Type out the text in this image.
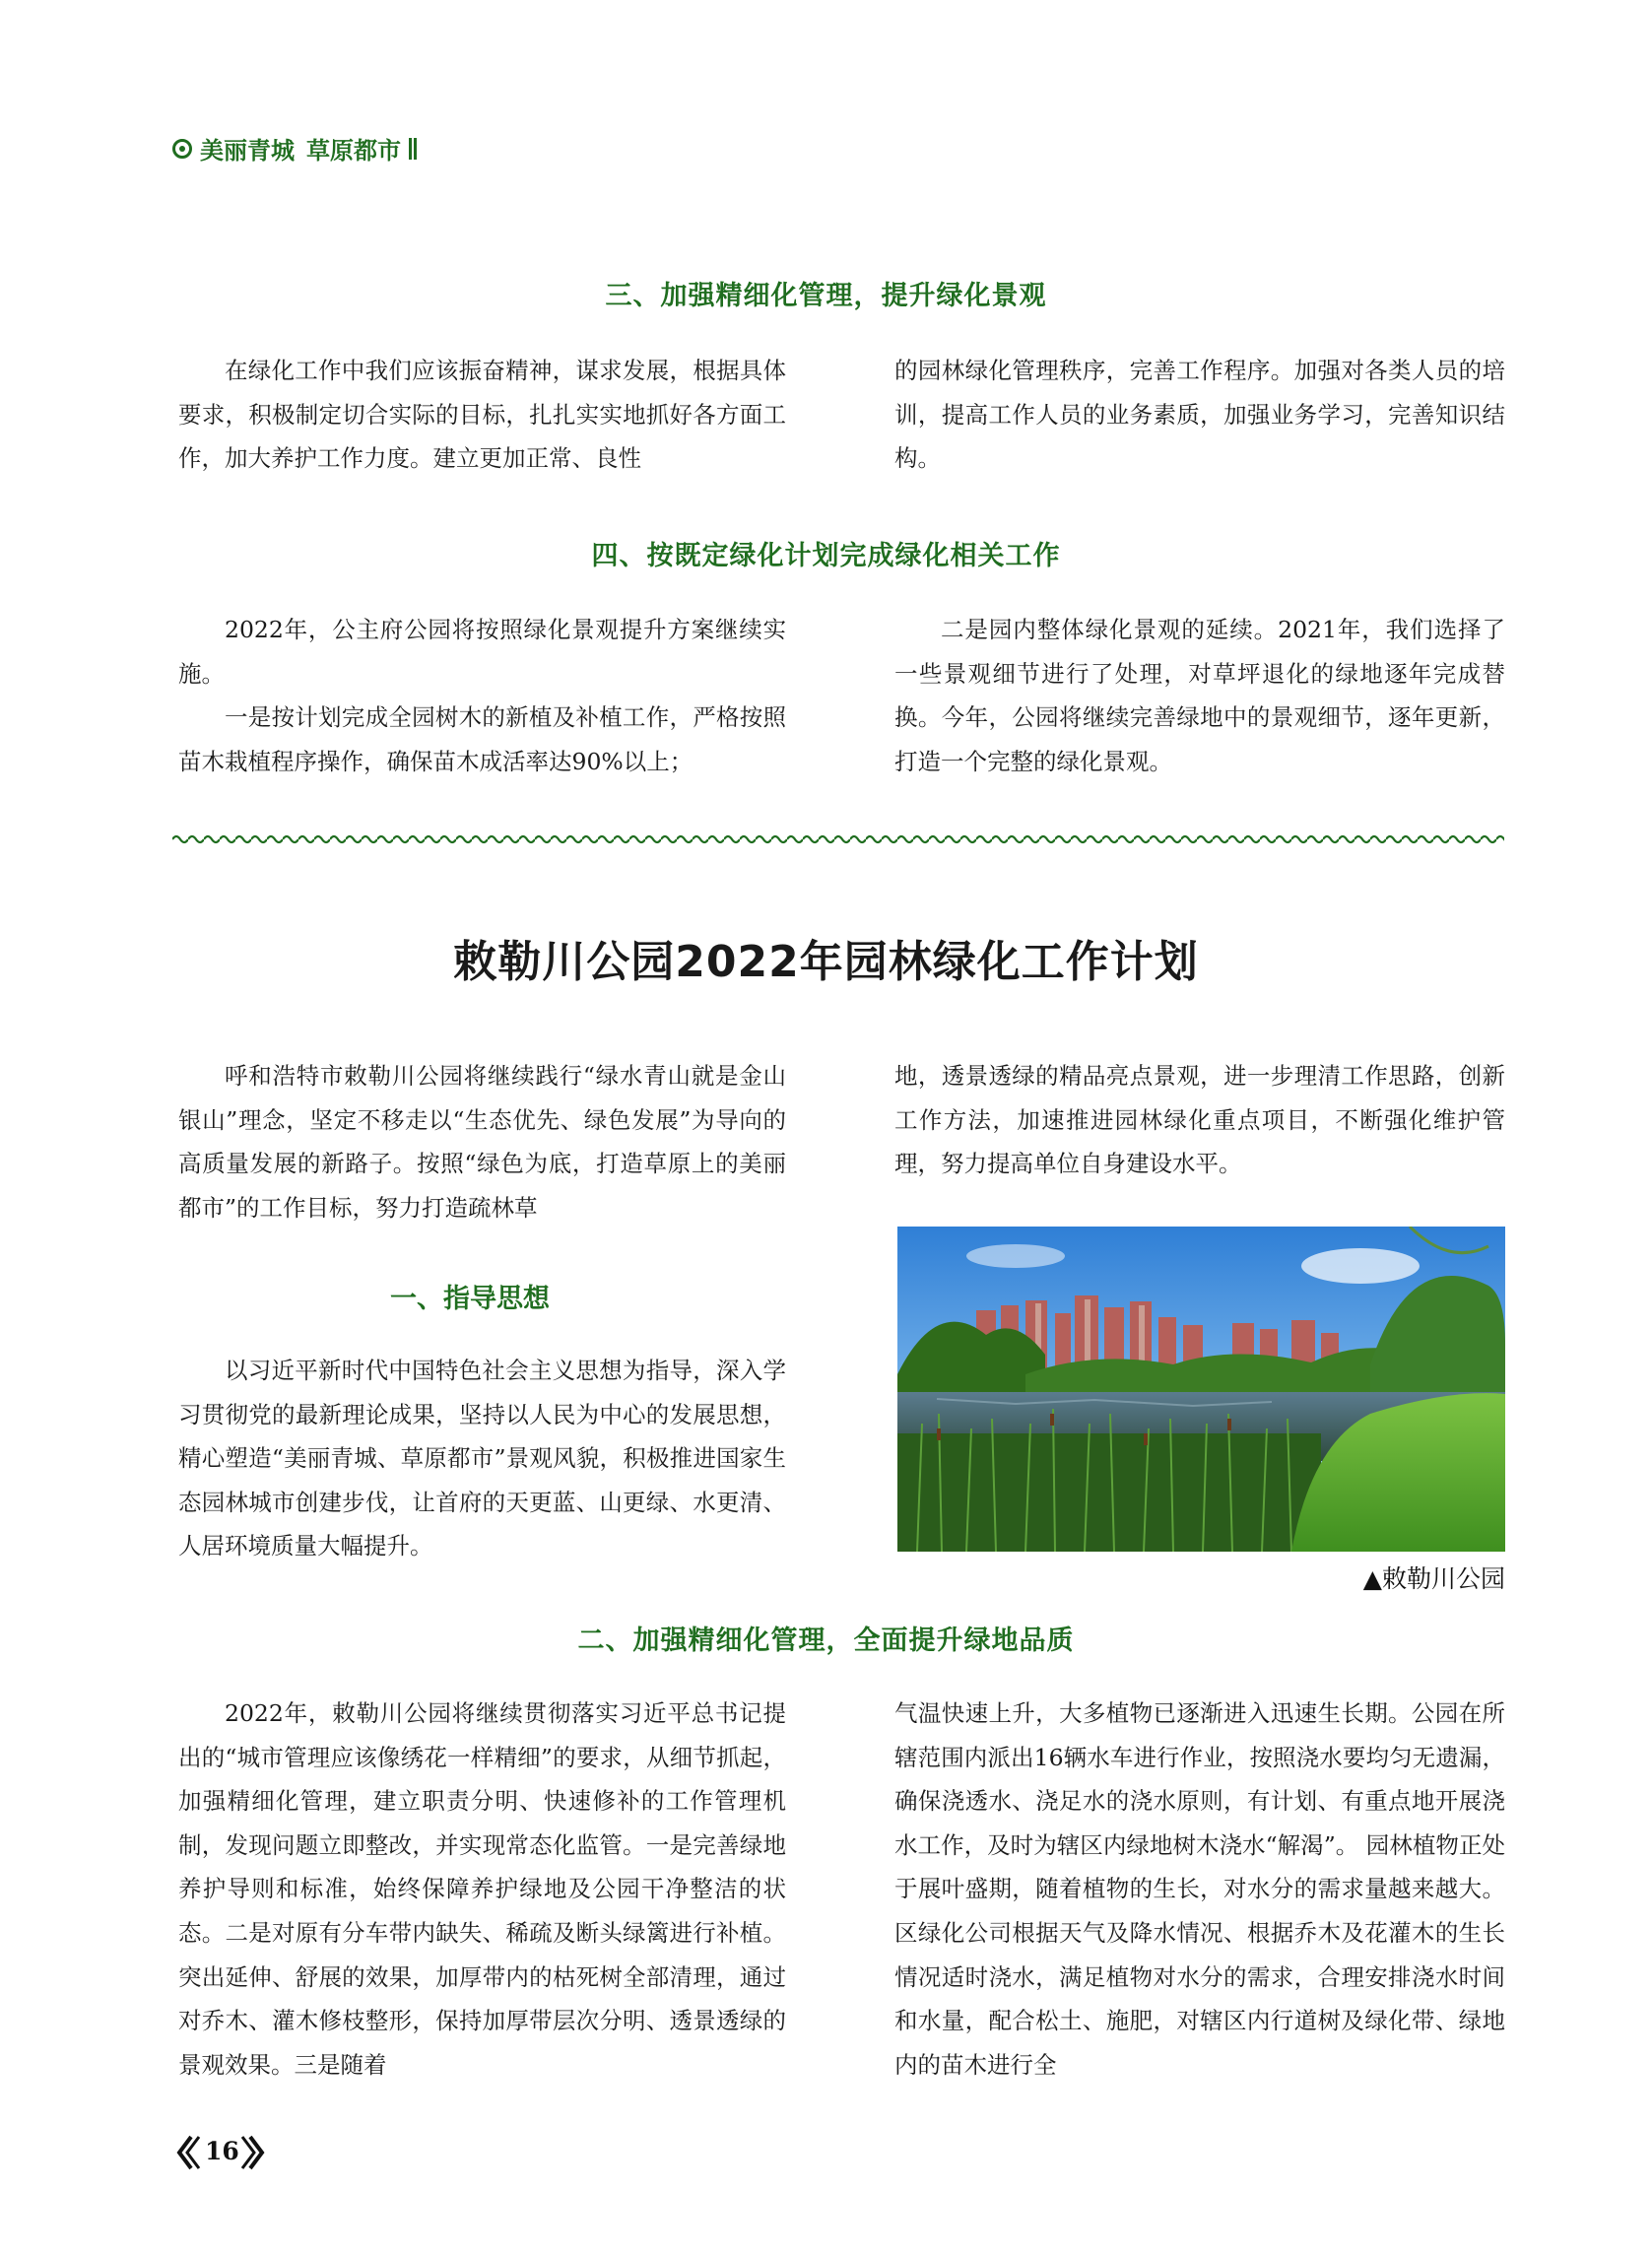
美丽青城 草原都市
三、加强精细化管理，提升绿化景观

在绿化工作中我们应该振奋精神，谋求发展，根据具体要求，积极制定切合实际的目标，扎扎实实地抓好各方面工作，加大养护工作力度。建立更加正常、良性

的园林绿化管理秩序，完善工作程序。加强对各类人员的培训，提高工作人员的业务素质，加强业务学习，完善知识结构。

四、按既定绿化计划完成绿化相关工作

2022年，公主府公园将按照绿化景观提升方案继续实施。

一是按计划完成全园树木的新植及补植工作，严格按照苗木栽植程序操作，确保苗木成活率达90%以上；

二是园内整体绿化景观的延续。2021年，我们选择了一些景观细节进行了处理，对草坪退化的绿地逐年完成替换。今年，公园将继续完善绿地中的景观细节，逐年更新，打造一个完整的绿化景观。

敕勒川公园2022年园林绿化工作计划

呼和浩特市敕勒川公园将继续践行“绿水青山就是金山银山”理念，坚定不移走以“生态优先、绿色发展”为导向的高质量发展的新路子。按照“绿色为底，打造草原上的美丽都市”的工作目标，努力打造疏林草

地，透景透绿的精品亮点景观，进一步理清工作思路，创新工作方法，加速推进园林绿化重点项目，不断强化维护管理，努力提高单位自身建设水平。

一、指导思想

以习近平新时代中国特色社会主义思想为指导，深入学习贯彻党的最新理论成果，坚持以人民为中心的发展思想，精心塑造“美丽青城、草原都市”景观风貌，积极推进国家生态园林城市创建步伐，让首府的天更蓝、山更绿、水更清、人居环境质量大幅提升。

▲敕勒川公园
二、加强精细化管理，全面提升绿地品质

2022年，敕勒川公园将继续贯彻落实习近平总书记提出的“城市管理应该像绣花一样精细”的要求，从细节抓起，加强精细化管理，建立职责分明、快速修补的工作管理机制，发现问题立即整改，并实现常态化监管。一是完善绿地养护导则和标准，始终保障养护绿地及公园干净整洁的状态。二是对原有分车带内缺失、稀疏及断头绿篱进行补植。突出延伸、舒展的效果，加厚带内的枯死树全部清理，通过对乔木、灌木修枝整形，保持加厚带层次分明、透景透绿的景观效果。三是随着

气温快速上升，大多植物已逐渐进入迅速生长期。公园在所辖范围内派出16辆水车进行作业，按照浇水要均匀无遗漏，确保浇透水、浇足水的浇水原则，有计划、有重点地开展浇水工作，及时为辖区内绿地树木浇水“解渴”。 园林植物正处于展叶盛期，随着植物的生长，对水分的需求量越来越大。区绿化公司根据天气及降水情况、根据乔木及花灌木的生长情况适时浇水，满足植物对水分的需求，合理安排浇水时间和水量，配合松土、施肥，对辖区内行道树及绿化带、绿地内的苗木进行全

16
